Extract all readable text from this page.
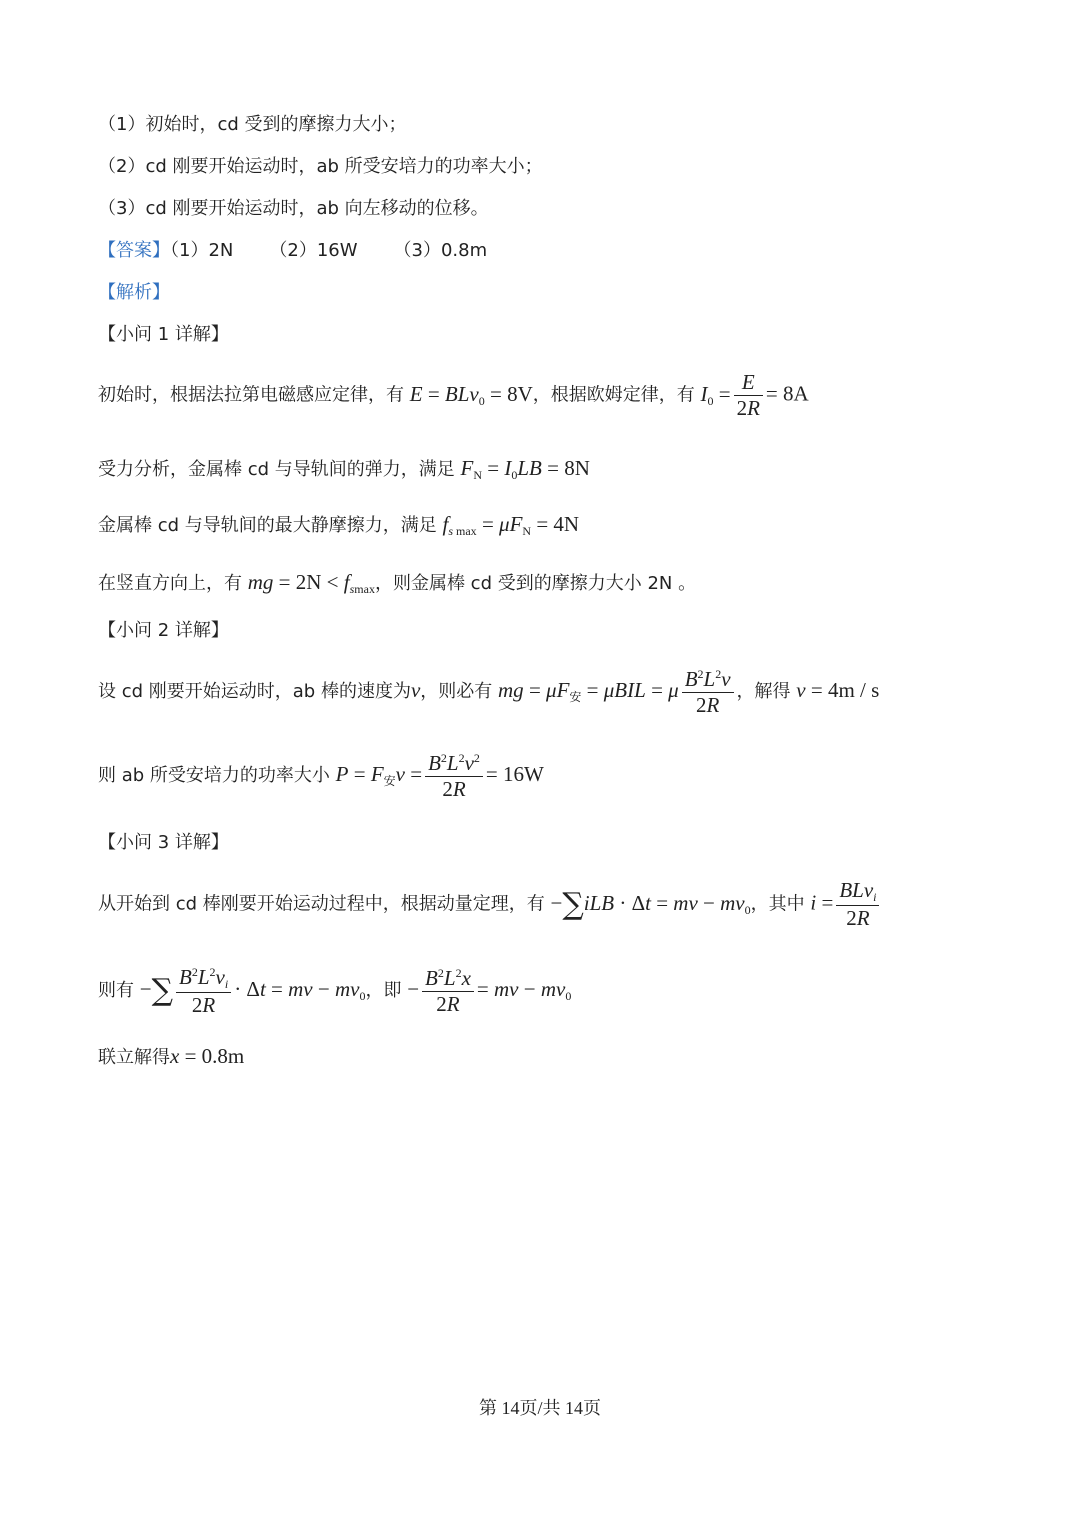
（1）初始时，cd 受到的摩擦力大小；
（2）cd 刚要开始运动时，ab 所受安培力的功率大小；
（3）cd 刚要开始运动时，ab 向左移动的位移。
【答案】（1）2N （2）16W （3）0.8m
【解析】
【小问 1 详解】
初始时，根据法拉第电磁感应定律，有 E = BLv$_0$ = 8V，根据欧姆定律，有 $I_0 = \frac{E}{2R} = 8A$
受力分析，金属棒 cd 与导轨间的弹力，满足 $F_N = I_0LB = 8N$
金属棒 cd 与导轨间的最大静摩擦力，满足 $f_{s max} = \mu F_N = 4N$
在竖直方向上，有 mg = $2N < f_{smax}$，则金属棒 cd 受到的摩擦力大小 2N 。
【小问 2 详解】
设 cd 刚要开始运动时，ab 棒的速度为v，则必有 mg = $\mu F_安 = \mu BIL = \mu \frac{B^2L^2v}{2R}$ ，解得 v = 4m / s
则 ab 所受安培力的功率大小 $P = F_安v = \frac{B^2L^2v^2}{2R} = 16W$
【小问 3 详解】
从开始到 cd 棒刚要开始运动过程中，根据动量定理，有 −∑iLB · Δt = mv − $mv_0$，其中 $i = \frac{BLv_i}{2R}$
则有 −∑ $\frac{B^2L^2v_i}{2R} \cdot \Delta t$ = mv − $mv_0$，即 − $\frac{B^2L^2x}{2R}$ = mv − $mv_0$
联立解得x = 0.8m
第 14页/共 14页
